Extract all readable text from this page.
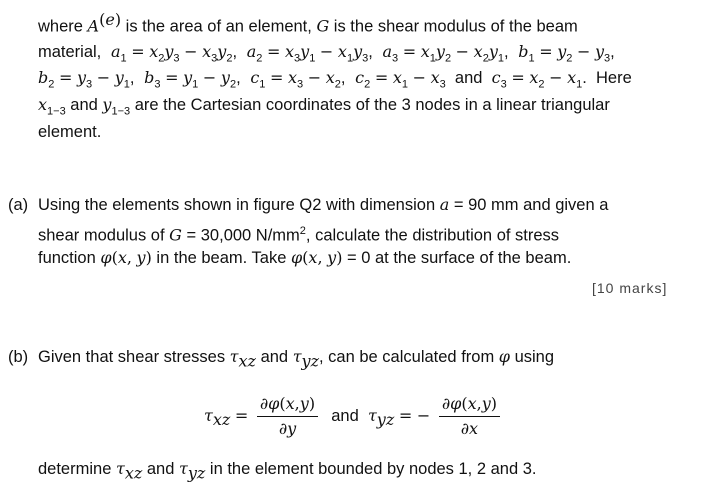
where $A^{(e)}$ is the area of an element, G is the shear modulus of the beam
material,  $a_1 = x_2y_3 - x_3y_2$,  $a_2 = x_3y_1 - x_1y_3$,  $a_3 = x_1y_2 - x_2y_1$,  $b_1 = y_2 - y_3$,
$b_2 = y_3 - y_1$,  $b_3 = y_1 - y_2$,  $c_1 = x_3 - x_2$,  $c_2 = x_1 - x_3$ and $c_3 = x_2 - x_1$.  Here
$x_{1-3}$ and $y_{1-3}$ are the Cartesian coordinates of the 3 nodes in a linear triangular
element.
(a) Using the elements shown in figure Q2 with dimension a = 90 mm and given a
shear modulus of G = 30,000 $N/mm^2$, calculate the distribution of stress
function φ(x, y) in the beam. Take φ(x, y) = 0 at the surface of the beam.
[10 marks]
(b) Given that shear stresses $\tau_{xz}$ and $\tau_{yz}$, can be calculated from φ using
$\tau_{xz} = \frac{\partial\varphi(x,y)}{\partial y}$ and $\tau_{yz}$ = − $\frac{\partial\varphi(x,y)}{\partial x}$
determine $\tau_{xz}$ and $\tau_{yz}$ in the element bounded by nodes 1, 2 and 3.
